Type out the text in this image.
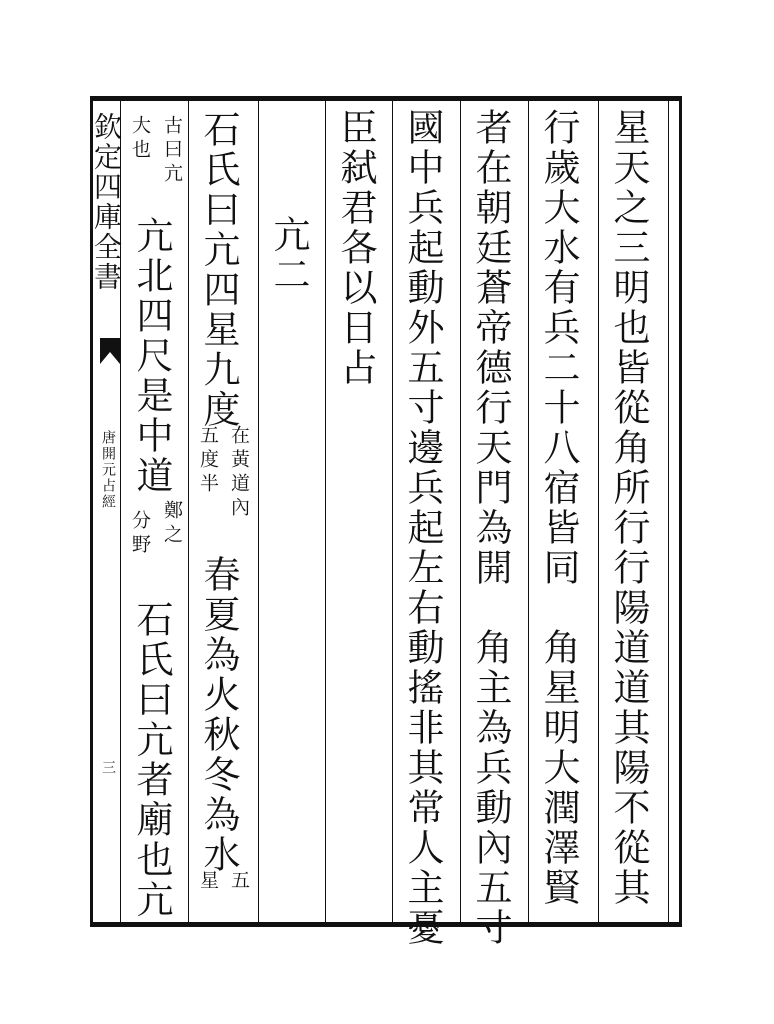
欽定四庫全書
唐開元占經
三	星天之三明也皆從角所行行陽道道其陽不從其
行歲大水有兵二十八宿皆同　角星明大潤澤賢
者在朝廷蒼帝德行天門為開　角主為兵動內五寸
國中兵起動外五寸邊兵起左右動搖非其常人主憂
臣弑君各以日占
亢二
石氏曰亢四星九度
在黃道內
五度半
春夏為火秋冬為水
五
星
古曰亢
大也
亢北四尺是中道
鄭之
分野
石氏曰亢者廟也亢
